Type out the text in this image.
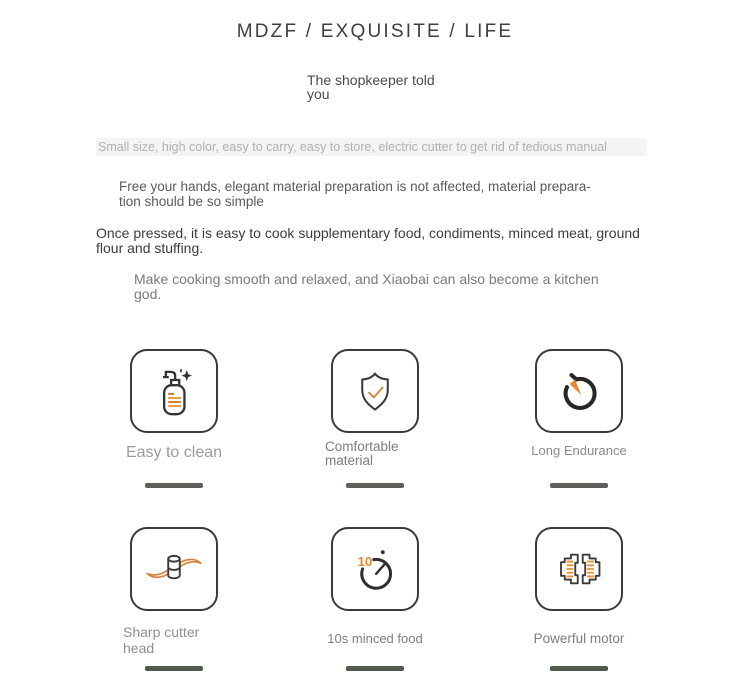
MDZF / EXQUISITE / LIFE
The shopkeeper told
you
Small size, high color, easy to carry, easy to store, electric cutter to get rid of tedious manual
Free your hands, elegant material preparation is not affected, material prepara-
tion should be so simple
Once pressed, it is easy to cook supplementary food, condiments, minced meat, ground
flour and stuffing.
Make cooking smooth and relaxed, and Xiaobai can also become a kitchen
god.
Easy to clean	Comfortable
material
Long Endurance
Sharp cutter
head
10
10s minced food	Powerful motor
